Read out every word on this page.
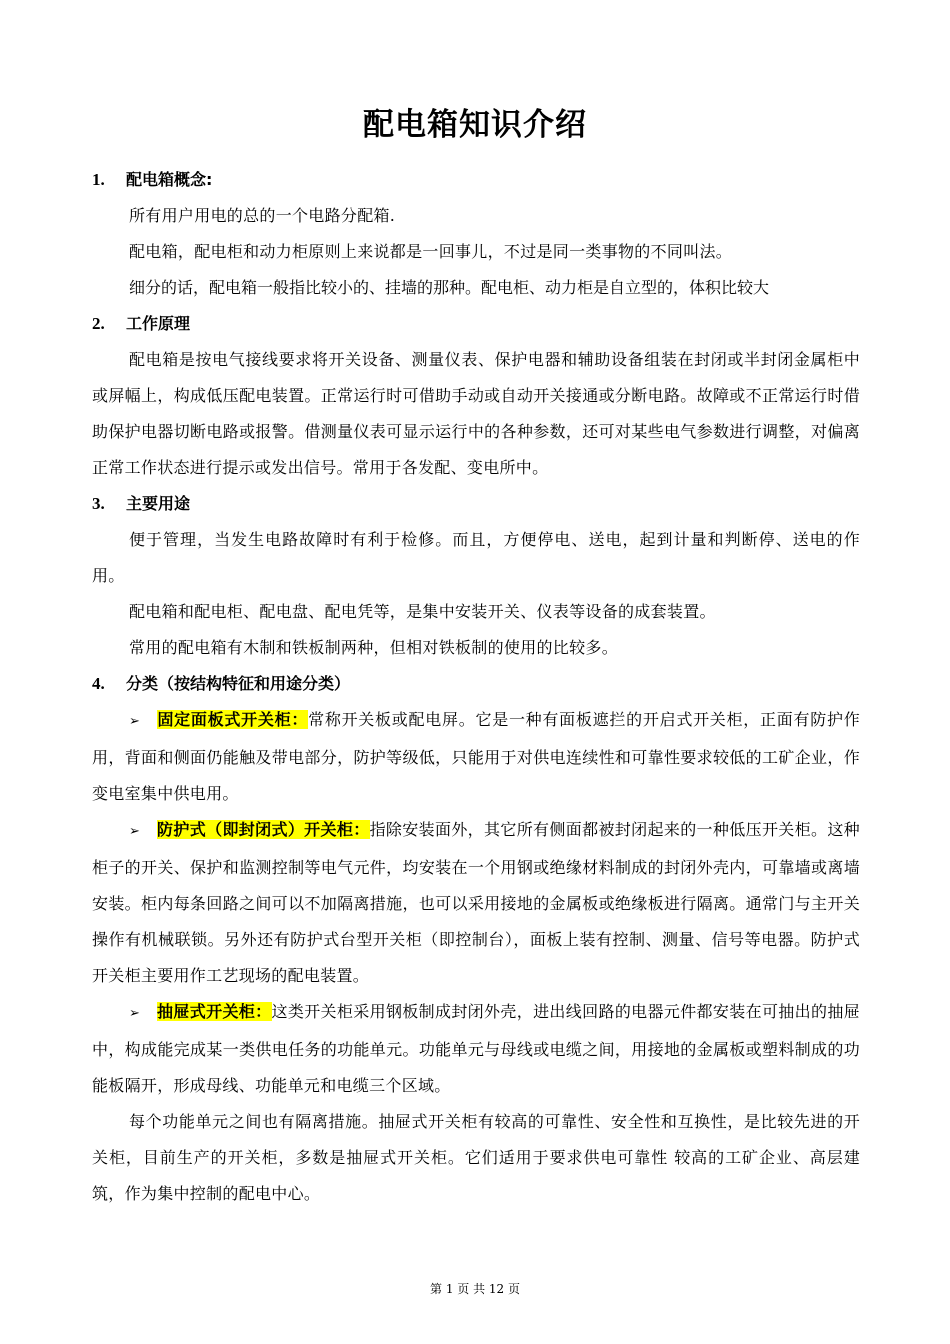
配电箱知识介绍
1. 配电箱概念:

所有用户用电的总的一个电路分配箱.

配电箱，配电柜和动力柜原则上来说都是一回事儿，不过是同一类事物的不同叫法。

细分的话，配电箱一般指比较小的、挂墙的那种。配电柜、动力柜是自立型的，体积比较大

2. 工作原理

配电箱是按电气接线要求将开关设备、测量仪表、保护电器和辅助设备组装在封闭或半封闭金属柜中或屏幅上，构成低压配电装置。正常运行时可借助手动或自动开关接通或分断电路。故障或不正常运行时借助保护电器切断电路或报警。借测量仪表可显示运行中的各种参数，还可对某些电气参数进行调整，对偏离正常工作状态进行提示或发出信号。常用于各发配、变电所中。

3. 主要用途

便于管理，当发生电路故障时有利于检修。而且，方便停电、送电，起到计量和判断停、送电的作用。

配电箱和配电柜、配电盘、配电凭等，是集中安装开关、仪表等设备的成套装置。

常用的配电箱有木制和铁板制两种，但相对铁板制的使用的比较多。

4. 分类（按结构特征和用途分类）

➢ 固定面板式开关柜：常称开关板或配电屏。它是一种有面板遮拦的开启式开关柜，正面有防护作用，背面和侧面仍能触及带电部分，防护等级低，只能用于对供电连续性和可靠性要求较低的工矿企业，作变电室集中供电用。

➢ 防护式（即封闭式）开关柜：指除安装面外，其它所有侧面都被封闭起来的一种低压开关柜。这种柜子的开关、保护和监测控制等电气元件，均安装在一个用钢或绝缘材料制成的封闭外壳内，可靠墙或离墙安装。柜内每条回路之间可以不加隔离措施，也可以采用接地的金属板或绝缘板进行隔离。通常门与主开关操作有机械联锁。另外还有防护式台型开关柜（即控制台），面板上装有控制、测量、信号等电器。防护式开关柜主要用作工艺现场的配电装置。

➢ 抽屉式开关柜：这类开关柜采用钢板制成封闭外壳，进出线回路的电器元件都安装在可抽出的抽屉中，构成能完成某一类供电任务的功能单元。功能单元与母线或电缆之间，用接地的金属板或塑料制成的功能板隔开，形成母线、功能单元和电缆三个区域。

每个功能单元之间也有隔离措施。抽屉式开关柜有较高的可靠性、安全性和互换性，是比较先进的开关柜，目前生产的开关柜，多数是抽屉式开关柜。它们适用于要求供电可靠性 较高的工矿企业、高层建筑，作为集中控制的配电中心。

第 1 页 共 12 页
